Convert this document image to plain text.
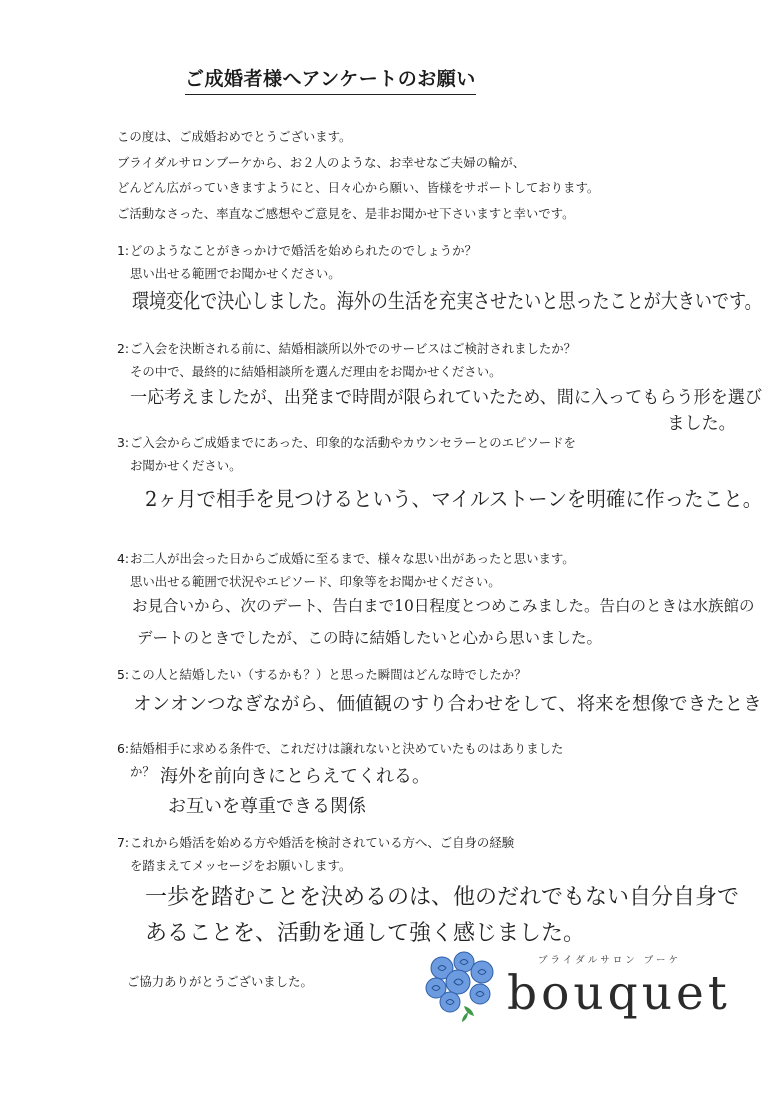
ご成婚者様へアンケートのお願い
この度は、ご成婚おめでとうございます。
ブライダルサロンブーケから、お２人のような、お幸せなご夫婦の輪が、
どんどん広がっていきますようにと、日々心から願い、皆様をサポートしております。
ご活動なさった、率直なご感想やご意見を、是非お聞かせ下さいますと幸いです。
1:どのようなことがきっかけで婚活を始められたのでしょうか？
思い出せる範囲でお聞かせください。
環境変化で決心しました。海外の生活を充実させたいと思ったことが大きいです。
2:ご入会を決断される前に、結婚相談所以外でのサービスはご検討されましたか？
その中で、最終的に結婚相談所を選んだ理由をお聞かせください。
一応考えましたが、出発まで時間が限られていたため、間に入ってもらう形を選び
ました。
3:ご入会からご成婚までにあった、印象的な活動やカウンセラーとのエピソードを
お聞かせください。
2ヶ月で相手を見つけるという、マイルストーンを明確に作ったこと。
4:お二人が出会った日からご成婚に至るまで、様々な思い出があったと思います。
思い出せる範囲で状況やエピソード、印象等をお聞かせください。
お見合いから、次のデート、告白まで10日程度とつめこみました。告白のときは水族館の
デートのときでしたが、この時に結婚したいと心から思いました。
5:この人と結婚したい（するかも？）と思った瞬間はどんな時でしたか？
オンオンつなぎながら、価値観のすり合わせをして、将来を想像できたとき
6:結婚相手に求める条件で、これだけは譲れないと決めていたものはありました
か？ 海外を前向きにとらえてくれる。
お互いを尊重できる関係
7:これから婚活を始める方や婚活を検討されている方へ、ご自身の経験
を踏まえてメッセージをお願いします。
一歩を踏むことを決めるのは、他のだれでもない自分自身で
あることを、活動を通して強く感じました。
ご協力ありがとうございました。
ブライダルサロン ブーケ
bouquet
